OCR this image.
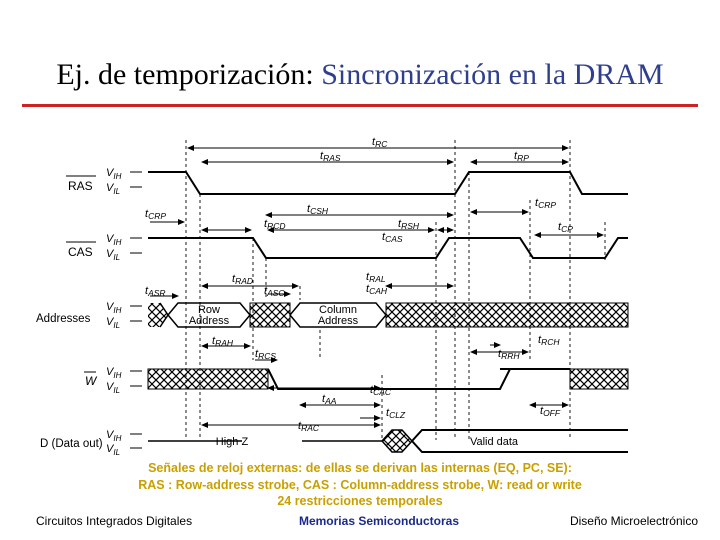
Ej. de temporización: Sincronización en la DRAM
RAS
CAS
Addresses
W
D (Data out)
$V_{IH}$
$V_{IL}$
$V_{IH}$
$V_{IL}$
$V_{IH}$
$V_{IL}$
$V_{IH}$
$V_{IL}$
$V_{IH}$
$V_{IL}$
Row
Address
Column
Address
High Z	Valid data
tRC
tRAS	tRP
tCSH
tCRP
tRCD	tRSH
tCAS
tCRP
tCP
tRAD	tRAL
tCAH
tASC
tASR
tRAH
tRCS
tRCH
tRRH
tCAC
tAA
tCLZ	tOFF
tRAC
Señales de reloj externas: de ellas se derivan las internas (EQ, PC, SE):
RAS : Row-address strobe, CAS : Column-address strobe, W: read or write
24 restricciones temporales
Circuitos Integrados Digitales	Memorias Semiconductoras	Diseño Microelectrónico
